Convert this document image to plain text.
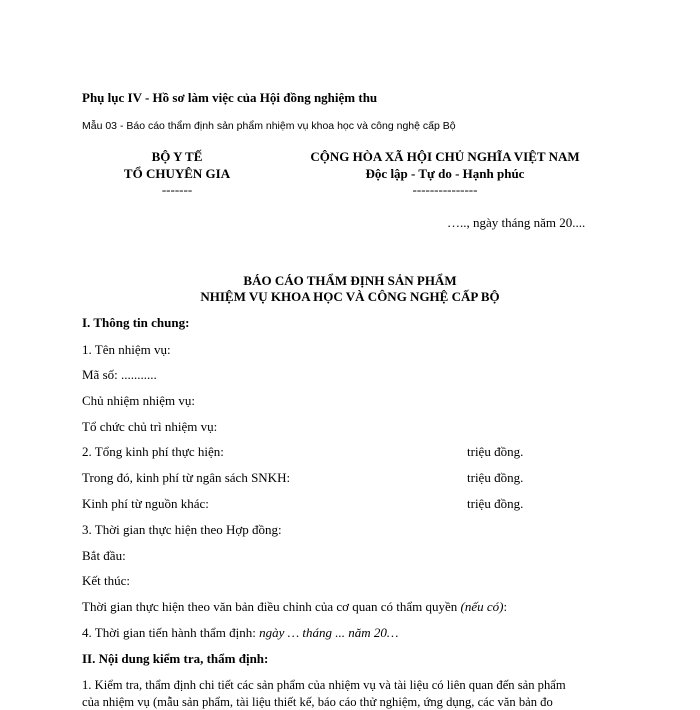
Phụ lục IV - Hồ sơ làm việc của Hội đồng nghiệm thu
Mẫu 03 - Báo cáo thẩm định sản phẩm nhiệm vụ khoa học và công nghệ cấp Bộ
BỘ Y TẾ
TỔ CHUYÊN GIA
-------
CỘNG HÒA XÃ HỘI CHỦ NGHĨA VIỆT NAM
Độc lập - Tự do - Hạnh phúc
---------------
….., ngày tháng năm 20....
BÁO CÁO THẨM ĐỊNH SẢN PHẨM
NHIỆM VỤ KHOA HỌC VÀ CÔNG NGHỆ CẤP BỘ
I. Thông tin chung:
1. Tên nhiệm vụ:
Mã số: ...........
Chủ nhiệm nhiệm vụ:
Tổ chức chủ trì nhiệm vụ:
2. Tổng kinh phí thực hiện:	triệu đồng.
Trong đó, kinh phí từ ngân sách SNKH:	triệu đồng.
Kinh phí từ nguồn khác:	triệu đồng.
3. Thời gian thực hiện theo Hợp đồng:
Bắt đầu:
Kết thúc:
Thời gian thực hiện theo văn bản điều chỉnh của cơ quan có thẩm quyền (nếu có):
4. Thời gian tiến hành thẩm định: ngày … tháng ... năm 20…
II. Nội dung kiểm tra, thẩm định:
1. Kiểm tra, thẩm định chi tiết các sản phẩm của nhiệm vụ và tài liệu có liên quan đến sản phẩm
của nhiệm vụ (mẫu sản phẩm, tài liệu thiết kế, báo cáo thử nghiệm, ứng dụng, các văn bản đo
